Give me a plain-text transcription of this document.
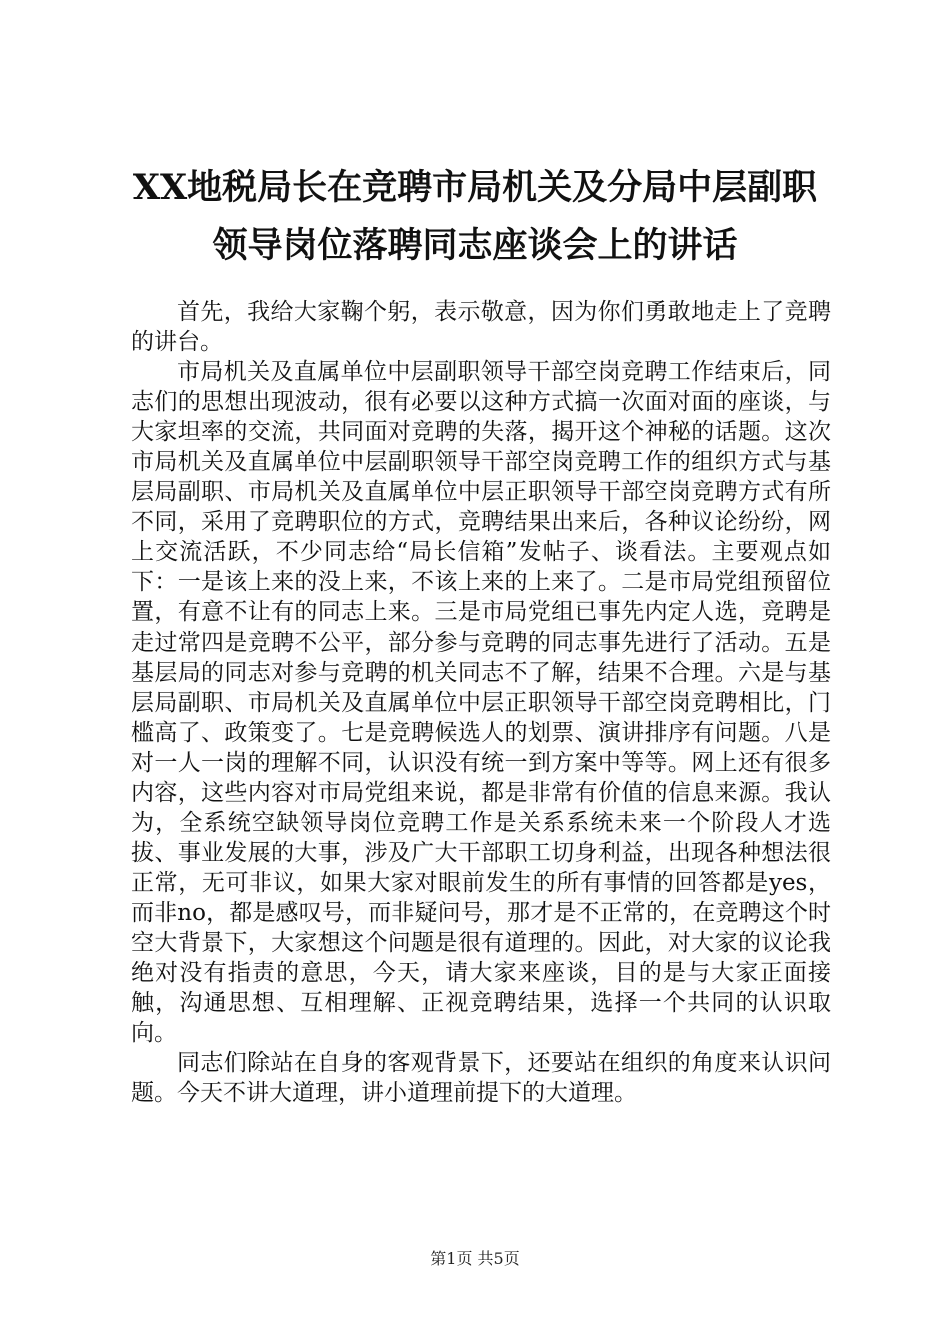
XX地税局长在竞聘市局机关及分局中层副职
领导岗位落聘同志座谈会上的讲话

首先，我给大家鞠个躬，表示敬意，因为你们勇敢地走上了竞聘的讲台。

市局机关及直属单位中层副职领导干部空岗竞聘工作结束后，同志们的思想出现波动，很有必要以这种方式搞一次面对面的座谈，与大家坦率的交流，共同面对竞聘的失落，揭开这个神秘的话题。这次市局机关及直属单位中层副职领导干部空岗竞聘工作的组织方式与基层局副职、市局机关及直属单位中层正职领导干部空岗竞聘方式有所不同，采用了竞聘职位的方式，竞聘结果出来后，各种议论纷纷，网上交流活跃，不少同志给“局长信箱”发帖子、谈看法。主要观点如下：一是该上来的没上来，不该上来的上来了。二是市局党组预留位置，有意不让有的同志上来。三是市局党组已事先内定人选，竞聘是走过常四是竞聘不公平，部分参与竞聘的同志事先进行了活动。五是基层局的同志对参与竞聘的机关同志不了解，结果不合理。六是与基层局副职、市局机关及直属单位中层正职领导干部空岗竞聘相比，门槛高了、政策变了。七是竞聘候选人的划票、演讲排序有问题。八是对一人一岗的理解不同，认识没有统一到方案中等等。网上还有很多内容，这些内容对市局党组来说，都是非常有价值的信息来源。我认为，全系统空缺领导岗位竞聘工作是关系系统未来一个阶段人才选拔、事业发展的大事，涉及广大干部职工切身利益，出现各种想法很正常，无可非议，如果大家对眼前发生的所有事情的回答都是yes，而非no，都是感叹号，而非疑问号，那才是不正常的，在竞聘这个时空大背景下，大家想这个问题是很有道理的。因此，对大家的议论我绝对没有指责的意思，今天，请大家来座谈，目的是与大家正面接触，沟通思想、互相理解、正视竞聘结果，选择一个共同的认识取向。

同志们除站在自身的客观背景下，还要站在组织的角度来认识问题。今天不讲大道理，讲小道理前提下的大道理。

第1页 共5页
